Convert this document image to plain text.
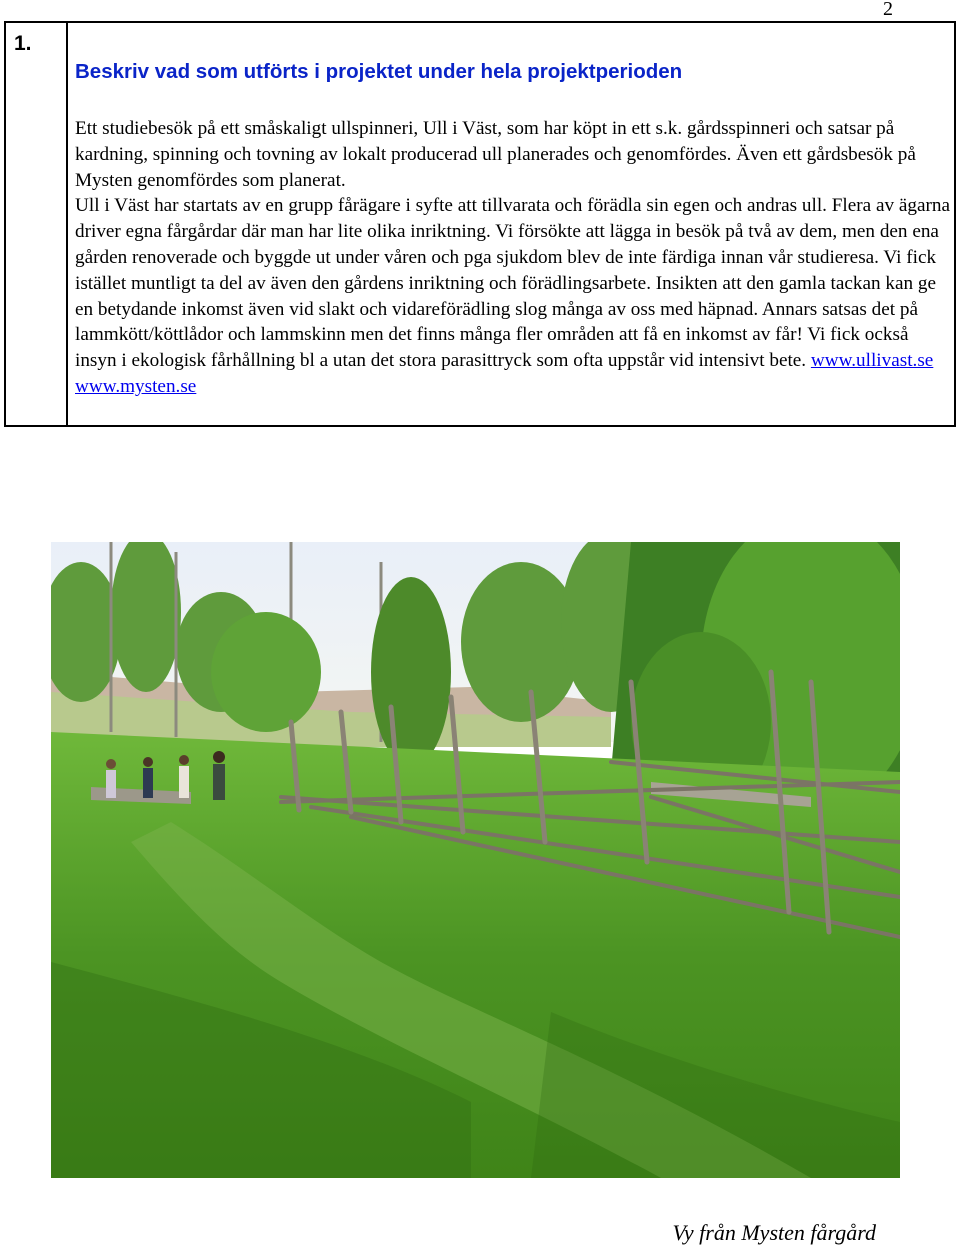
2
1.
Beskriv vad som utförts i projektet under hela projektperioden
Ett studiebesök på ett småskaligt ullspinneri, Ull i Väst, som har köpt in ett s.k. gårdsspinneri och satsar på kardning, spinning och tovning av lokalt producerad ull planerades och genomfördes. Även ett gårdsbesök på Mysten genomfördes som planerat.
Ull i Väst har startats av en grupp fårägare i syfte att tillvarata och förädla sin egen och andras ull. Flera av ägarna driver egna fårgårdar där man har lite olika inriktning. Vi försökte att lägga in besök på två av dem, men den ena gården renoverade och byggde ut under våren och pga sjukdom blev de inte färdiga innan vår studieresa. Vi fick istället muntligt ta del av även den gårdens inriktning och förädlingsarbete. Insikten att den gamla tackan kan ge en betydande inkomst även vid slakt och vidareförädling slog många av oss med häpnad. Annars satsas det på lammkött/köttlådor och lammskinn men det finns många fler områden att få en inkomst av får! Vi fick också insyn i ekologisk fårhållning bl a utan det stora parasittryck som ofta uppstår vid intensivt bete. www.ullivast.se www.mysten.se
Vy från Mysten fårgård
